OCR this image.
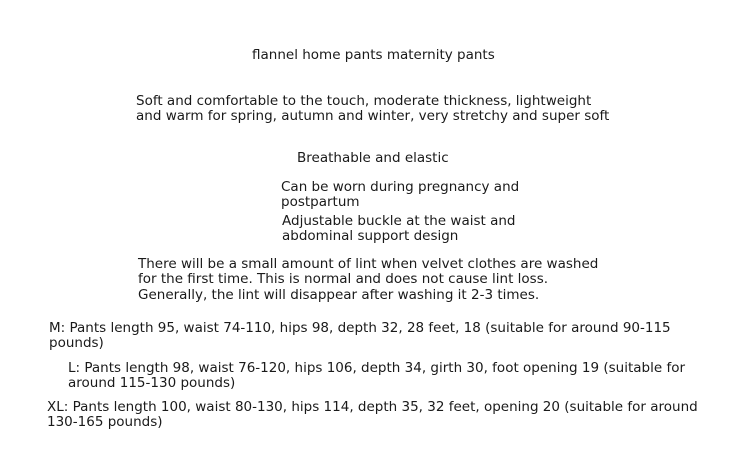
flannel home pants maternity pants

Soft and comfortable to the touch, moderate thickness, lightweight

and warm for spring, autumn and winter, very stretchy and super soft

Breathable and elastic

Can be worn during pregnancy and

postpartum

Adjustable buckle at the waist and

abdominal support design

There will be a small amount of lint when velvet clothes are washed

for the first time. This is normal and does not cause lint loss.

Generally, the lint will disappear after washing it 2-3 times.

M: Pants length 95, waist 74-110, hips 98, depth 32, 28 feet, 18 (suitable for around 90-115

pounds)

L: Pants length 98, waist 76-120, hips 106, depth 34, girth 30, foot opening 19 (suitable for

around 115-130 pounds)

XL: Pants length 100, waist 80-130, hips 114, depth 35, 32 feet, opening 20 (suitable for around

130-165 pounds)
